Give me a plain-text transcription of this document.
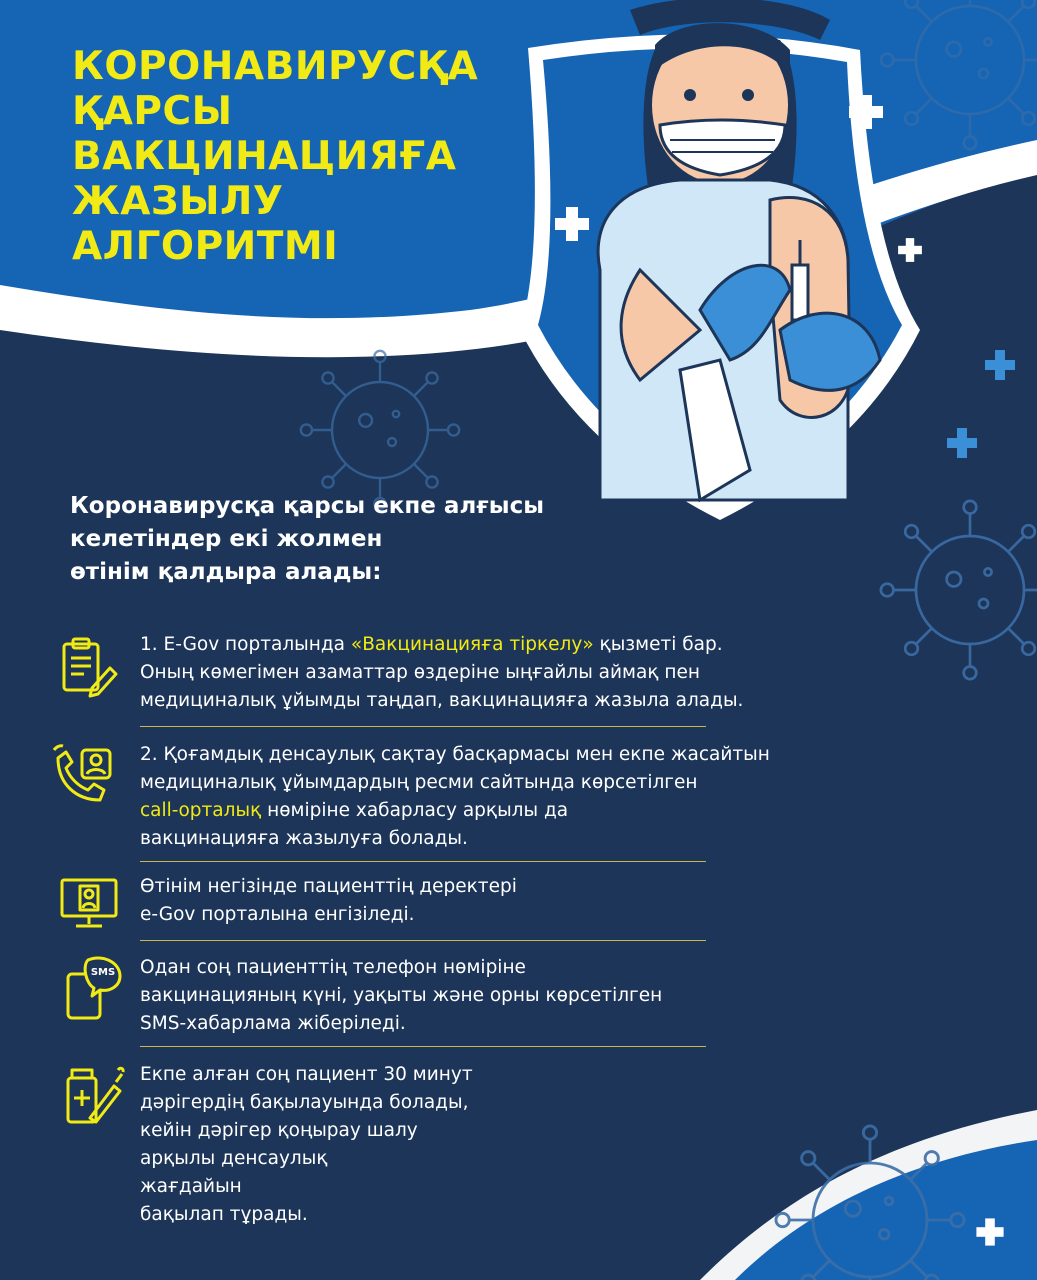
КОРОНАВИРУСҚА
ҚАРСЫ
ВАКЦИНАЦИЯҒА
ЖАЗЫЛУ
АЛГОРИТМІ

Коронавирусқа қарсы екпе алғысы
келетіндер екі жолмен
өтінім қалдыра алады:

SMS
1. E-Gov порталында «Вакцинацияға тіркелу» қызметі бар.
Оның көмегімен азаматтар өздеріне ыңғайлы аймақ пен
медициналық ұйымды таңдап, вакцинацияға жазыла алады.
2. Қоғамдық денсаулық сақтау басқармасы мен екпе жасайтын
медициналық ұйымдардың ресми сайтында көрсетілген
call-орталық нөміріне хабарласу арқылы да
вакцинацияға жазылуға болады.
Өтінім негізінде пациенттің деректері
e-Gov порталына енгізіледі.
Одан соң пациенттің телефон нөміріне
вакцинацияның күні, уақыты және орны көрсетілген
SMS-хабарлама жіберіледі.
Екпе алған соң пациент 30 минут
дәрігердің бақылауында болады,
кейін дәрігер қоңырау шалу
арқылы денсаулық
жағдайын
бақылап тұрады.
